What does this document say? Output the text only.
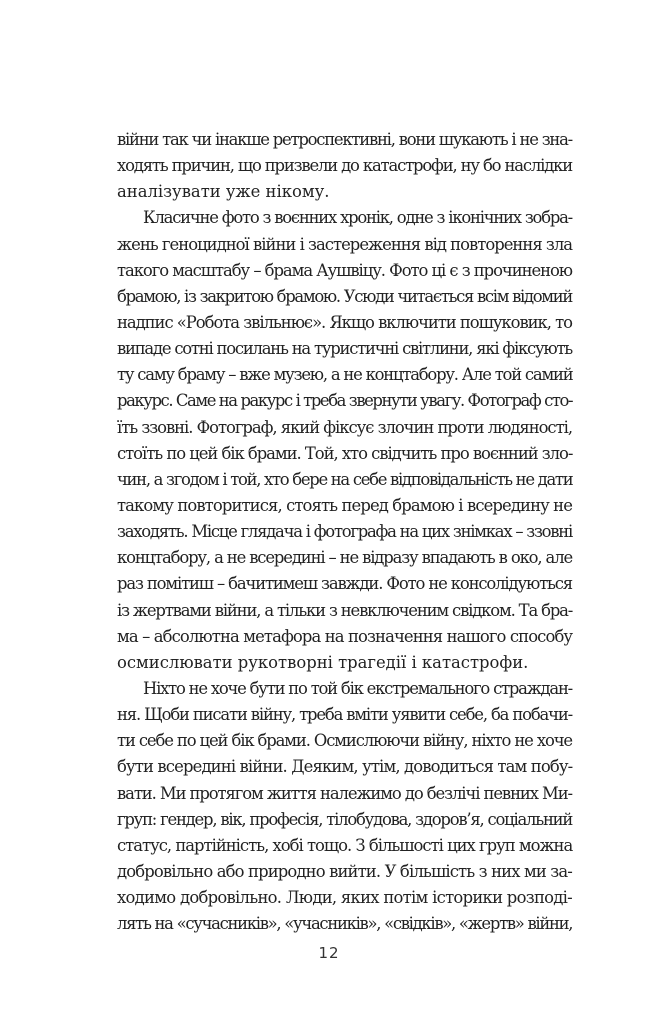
війни так чи інакше ретроспективні, вони шукають і не зна-
ходять причин, що призвели до катастрофи, ну бо наслідки
аналізувати уже нікому.
Класичне фото з воєнних хронік, одне з іконічних зобра-
жень геноцидної війни і застереження від повторення зла
такого масштабу – брама Аушвіцу. Фото ці є з прочиненою
брамою, із закритою брамою. Усюди читається всім відомий
надпис «Робота звільнює». Якщо включити пошуковик, то
випаде сотні посилань на туристичні світлини, які фіксують
ту саму браму – вже музею, а не концтабору. Але той самий
ракурс. Саме на ракурс і треба звернути увагу. Фотограф сто-
їть ззовні. Фотограф, який фіксує злочин проти людяності,
стоїть по цей бік брами. Той, хто свідчить про воєнний зло-
чин, а згодом і той, хто бере на себе відповідальність не дати
такому повторитися, стоять перед брамою і всередину не
заходять. Місце глядача і фотографа на цих знімках – ззовні
концтабору, а не всередині – не відразу впадають в око, але
раз помітиш – бачитимеш завжди. Фото не консолідуються
із жертвами війни, а тільки з невключеним свідком. Та бра-
ма – абсолютна метафора на позначення нашого способу
осмислювати рукотворні трагедії і катастрофи.
Ніхто не хоче бути по той бік екстремального страждан-
ня. Щоби писати війну, треба вміти уявити себе, ба побачи-
ти себе по цей бік брами. Осмислюючи війну, ніхто не хоче
бути всередині війни. Деяким, утім, доводиться там побу-
вати. Ми протягом життя належимо до безлічі певних Ми-
груп: гендер, вік, професія, тілобудова, здоров’я, соціальний
статус, партійність, хобі тощо. З більшості цих груп можна
добровільно або природно вийти. У більшість з них ми за-
ходимо добровільно. Люди, яких потім історики розподі-
лять на «сучасників», «учасників», «свідків», «жертв» війни,
12
